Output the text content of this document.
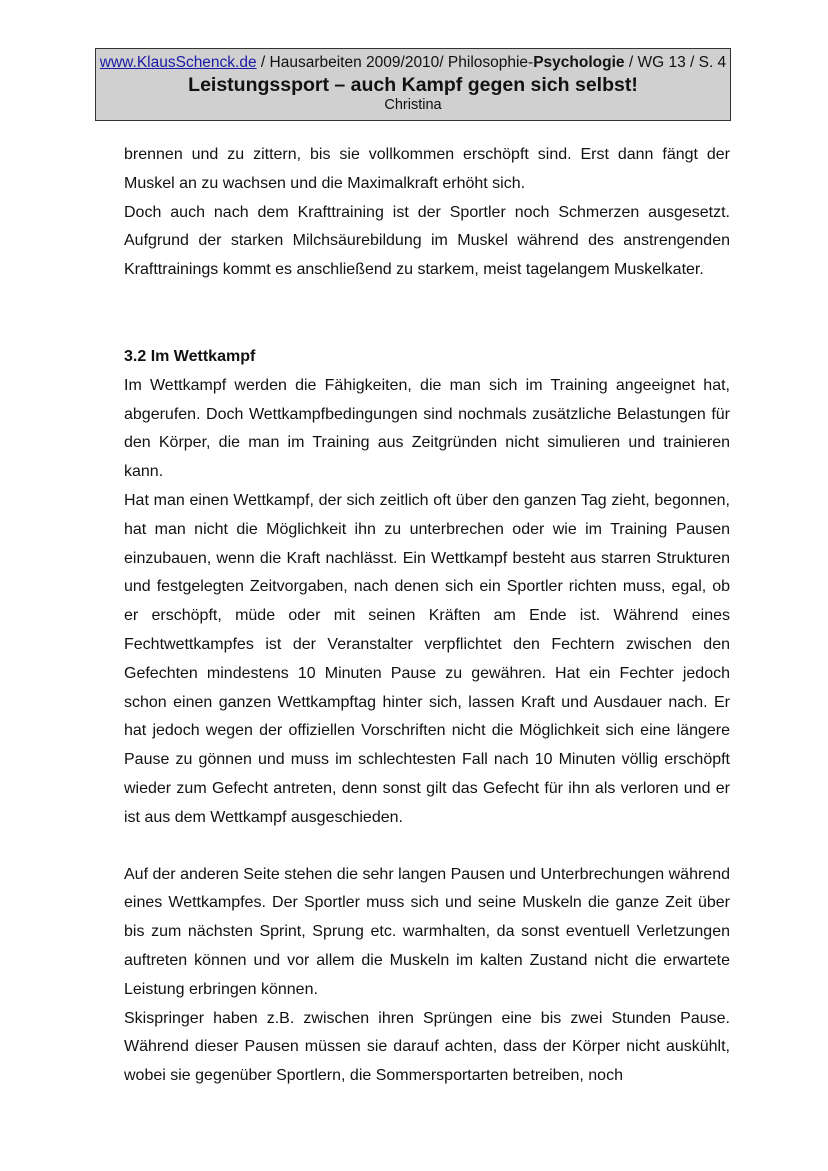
www.KlausSchenck.de / Hausarbeiten 2009/2010/ Philosophie-Psychologie / WG 13 / S. 4
Leistungssport – auch Kampf gegen sich selbst!
Christina

brennen und zu zittern, bis sie vollkommen erschöpft sind. Erst dann fängt der Muskel an zu wachsen und die Maximalkraft erhöht sich.

Doch auch nach dem Krafttraining ist der Sportler noch Schmerzen ausgesetzt. Aufgrund der starken Milchsäurebildung im Muskel während des anstrengenden Krafttrainings kommt es anschließend zu starkem, meist tagelangem Muskelkater.

3.2 Im Wettkampf

Im Wettkampf werden die Fähigkeiten, die man sich im Training angeeignet hat, abgerufen. Doch Wettkampfbedingungen sind nochmals zusätzliche Belastungen für den Körper, die man im Training aus Zeitgründen nicht simulieren und trainieren kann.

Hat man einen Wettkampf, der sich zeitlich oft über den ganzen Tag zieht, begonnen, hat man nicht die Möglichkeit ihn zu unterbrechen oder wie im Training Pausen einzubauen, wenn die Kraft nachlässt. Ein Wettkampf besteht aus starren Strukturen und festgelegten Zeitvorgaben, nach denen sich ein Sportler richten muss, egal, ob er erschöpft, müde oder mit seinen Kräften am Ende ist. Während eines Fechtwettkampfes ist der Veranstalter verpflichtet den Fechtern zwischen den Gefechten mindestens 10 Minuten Pause zu gewähren. Hat ein Fechter jedoch schon einen ganzen Wettkampftag hinter sich, lassen Kraft und Ausdauer nach. Er hat jedoch wegen der offiziellen Vorschriften nicht die Möglichkeit sich eine längere Pause zu gönnen und muss im schlechtesten Fall nach 10 Minuten völlig erschöpft wieder zum Gefecht antreten, denn sonst gilt das Gefecht für ihn als verloren und er ist aus dem Wettkampf ausgeschieden.

Auf der anderen Seite stehen die sehr langen Pausen und Unterbrechungen während eines Wettkampfes. Der Sportler muss sich und seine Muskeln die ganze Zeit über bis zum nächsten Sprint, Sprung etc. warmhalten, da sonst eventuell Verletzungen auftreten können und vor allem die Muskeln im kalten Zustand nicht die erwartete Leistung erbringen können.

Skispringer haben z.B. zwischen ihren Sprüngen eine bis zwei Stunden Pause. Während dieser Pausen müssen sie darauf achten, dass der Körper nicht auskühlt, wobei sie gegenüber Sportlern, die Sommersportarten betreiben, noch
